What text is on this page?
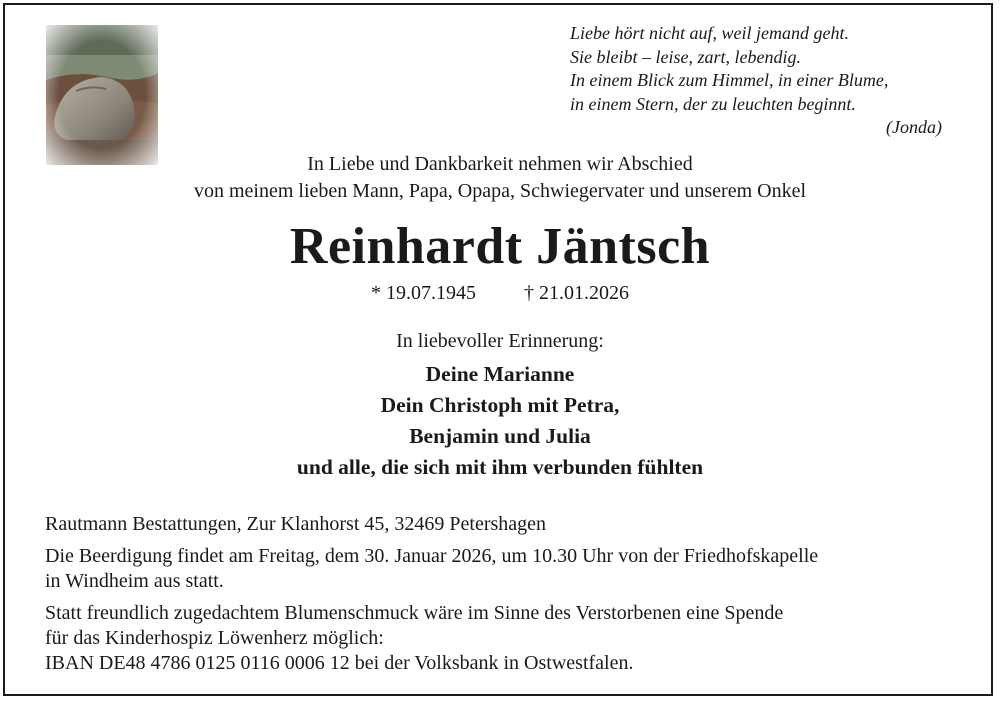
Liebe hört nicht auf, weil jemand geht.
Sie bleibt – leise, zart, lebendig.
In einem Blick zum Himmel, in einer Blume,
in einem Stern, der zu leuchten beginnt.
(Jonda)
In Liebe und Dankbarkeit nehmen wir Abschied
von meinem lieben Mann, Papa, Opapa, Schwiegervater und unserem Onkel
Reinhardt Jäntsch
* 19.07.1945 † 21.01.2026
In liebevoller Erinnerung:
Deine Marianne
Dein Christoph mit Petra,
Benjamin und Julia
und alle, die sich mit ihm verbunden fühlten

Rautmann Bestattungen, Zur Klanhorst 45, 32469 Petershagen

Die Beerdigung findet am Freitag, dem 30. Januar 2026, um 10.30 Uhr von der Friedhofskapelle
in Windheim aus statt.

Statt freundlich zugedachtem Blumenschmuck wäre im Sinne des Verstorbenen eine Spende
für das Kinderhospiz Löwenherz möglich:
IBAN DE48 4786 0125 0116 0006 12 bei der Volksbank in Ostwestfalen.
